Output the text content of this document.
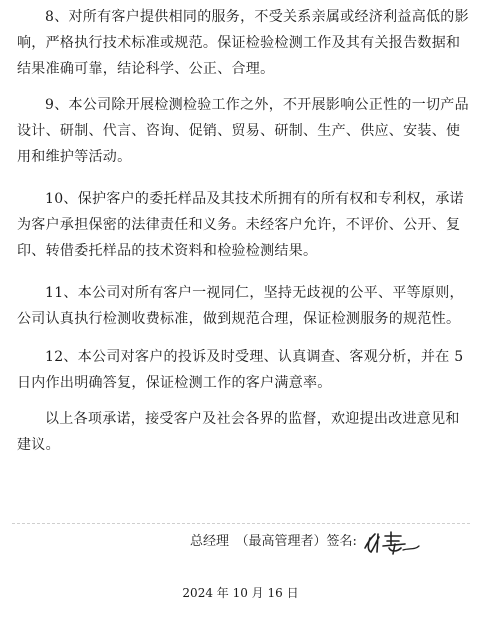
8、对所有客户提供相同的服务，不受关系亲属或经济利益高低的影
响，严格执行技术标准或规范。保证检验检测工作及其有关报告数据和
结果准确可靠，结论科学、公正、合理。

9、本公司除开展检测检验工作之外，不开展影响公正性的一切产品
设计、研制、代言、咨询、促销、贸易、研制、生产、供应、安装、使
用和维护等活动。

10、保护客户的委托样品及其技术所拥有的所有权和专利权，承诺
为客户承担保密的法律责任和义务。未经客户允许，不评价、公开、复
印、转借委托样品的技术资料和检验检测结果。

11、本公司对所有客户一视同仁，坚持无歧视的公平、平等原则，
公司认真执行检测收费标准，做到规范合理，保证检测服务的规范性。

12、本公司对客户的投诉及时受理、认真调查、客观分析，并在 5
日内作出明确答复，保证检测工作的客户满意率。

以上各项承诺，接受客户及社会各界的监督，欢迎提出改进意见和
建议。

总经理　（最高管理者）签名:
2024 年 10 月 16 日
